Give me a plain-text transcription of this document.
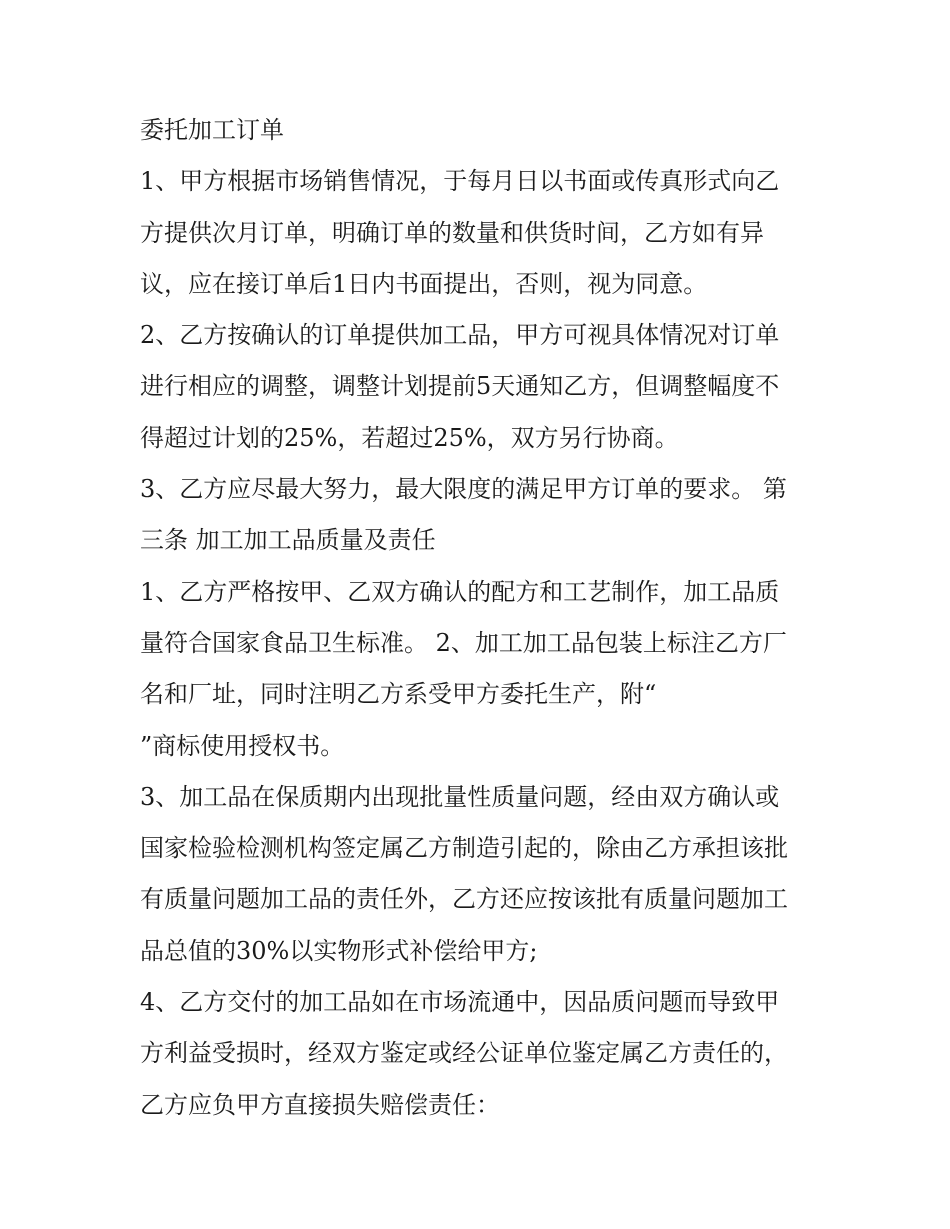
委托加工订单
1、甲方根据市场销售情况，于每月日以书面或传真形式向乙
方提供次月订单，明确订单的数量和供货时间，乙方如有异
议，应在接订单后1日内书面提出，否则，视为同意。
2、乙方按确认的订单提供加工品，甲方可视具体情况对订单
进行相应的调整，调整计划提前5天通知乙方，但调整幅度不
得超过计划的25%，若超过25%，双方另行协商。
3、乙方应尽最大努力，最大限度的满足甲方订单的要求。 第
三条 加工加工品质量及责任
1、乙方严格按甲、乙双方确认的配方和工艺制作，加工品质
量符合国家食品卫生标准。 2、加工加工品包装上标注乙方厂
名和厂址，同时注明乙方系受甲方委托生产，附“
”商标使用授权书。
3、加工品在保质期内出现批量性质量问题，经由双方确认或
国家检验检测机构签定属乙方制造引起的，除由乙方承担该批
有质量问题加工品的责任外，乙方还应按该批有质量问题加工
品总值的30%以实物形式补偿给甲方;
4、乙方交付的加工品如在市场流通中，因品质问题而导致甲
方利益受损时，经双方鉴定或经公证单位鉴定属乙方责任的，
乙方应负甲方直接损失赔偿责任：
